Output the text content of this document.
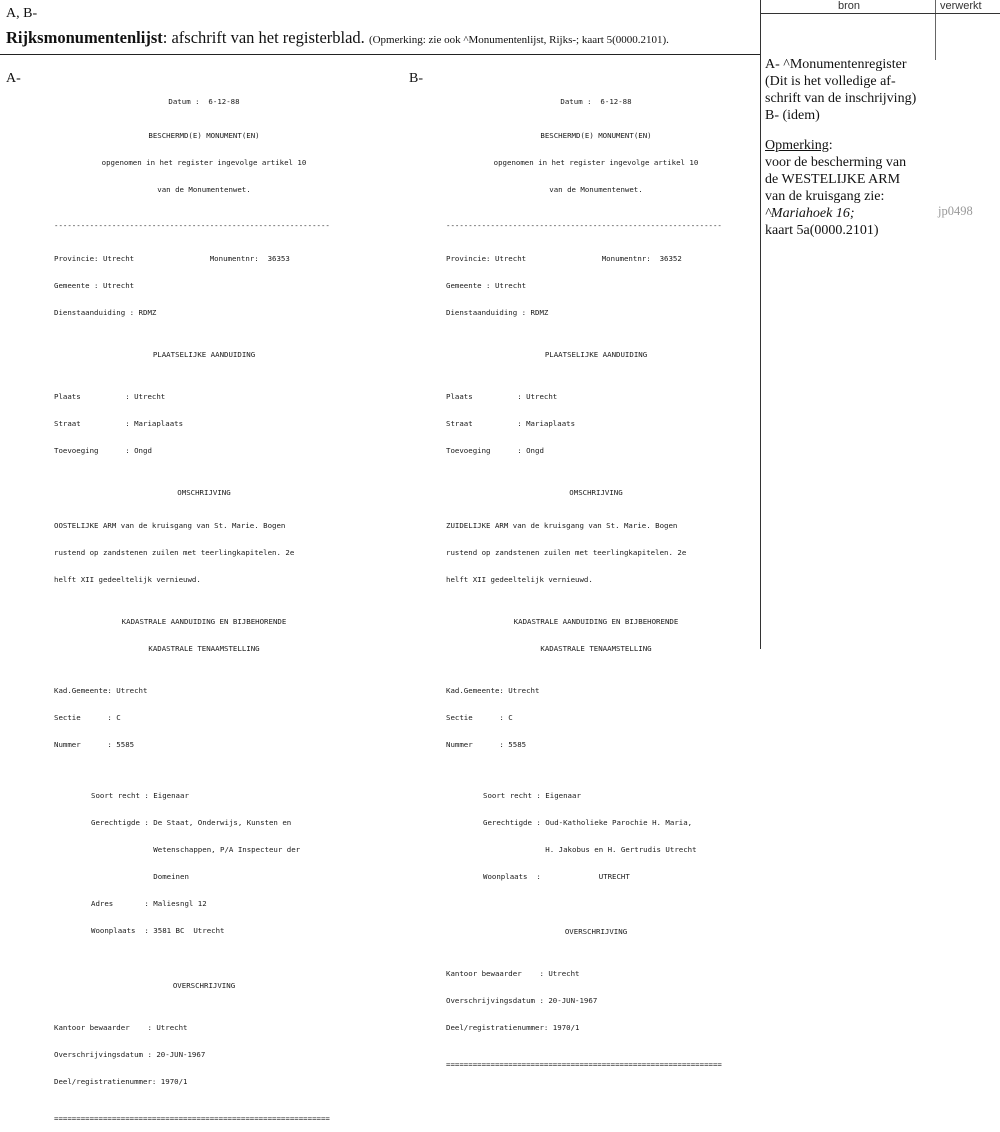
A, B-
Rijksmonumentenlijst: afschrift van het registerblad. (Opmerking: zie ook ^Monumentenlijst, Rijks-; kaart 5(0000.2101).
bron	verwerkt
A- ^Monumentenregister
(Dit is het volledige af-
schrift van de inschrijving)
B- (idem)
Opmerking:
voor de bescherming van
de WESTELIJKE ARM
van de kruisgang zie:
^Mariahoek 16;
kaart 5a(0000.2101)
jp0498
A-

Datum :  6-12-88

BESCHERMD(E) MONUMENT(EN)

opgenomen in het register ingevolge artikel 10

van de Monumentenwet.

--------------------------------------------------------------

Provincie: Utrecht                 Monumentnr:  36353

Gemeente : Utrecht

Dienstaanduiding : RDMZ

PLAATSELIJKE AANDUIDING

Plaats          : Utrecht

Straat          : Mariaplaats

Toevoeging      : Ongd

OMSCHRIJVING

OOSTELIJKE ARM van de kruisgang van St. Marie. Bogen

rustend op zandstenen zuilen met teerlingkapitelen. 2e

helft XII gedeeltelijk vernieuwd.

KADASTRALE AANDUIDING EN BIJBEHORENDE

KADASTRALE TENAAMSTELLING

Kad.Gemeente: Utrecht

Sectie      : C

Nummer      : 5585

Soort recht : Eigenaar

Gerechtigde : De Staat, Onderwijs, Kunsten en

Wetenschappen, P/A Inspecteur der

Domeinen

Adres       : Maliesngl 12

Woonplaats  : 3581 BC  Utrecht

OVERSCHRIJVING

Kantoor bewaarder    : Utrecht

Overschrijvingsdatum : 20-JUN-1967

Deel/registratienummer: 1970/1

==============================================================

B-

Datum :  6-12-88

BESCHERMD(E) MONUMENT(EN)

opgenomen in het register ingevolge artikel 10

van de Monumentenwet.

--------------------------------------------------------------

Provincie: Utrecht                 Monumentnr:  36352

Gemeente : Utrecht

Dienstaanduiding : RDMZ

PLAATSELIJKE AANDUIDING

Plaats          : Utrecht

Straat          : Mariaplaats

Toevoeging      : Ongd

OMSCHRIJVING

ZUIDELIJKE ARM van de kruisgang van St. Marie. Bogen

rustend op zandstenen zuilen met teerlingkapitelen. 2e

helft XII gedeeltelijk vernieuwd.

KADASTRALE AANDUIDING EN BIJBEHORENDE

KADASTRALE TENAAMSTELLING

Kad.Gemeente: Utrecht

Sectie      : C

Nummer      : 5585

Soort recht : Eigenaar

Gerechtigde : Oud-Katholieke Parochie H. Maria,

H. Jakobus en H. Gertrudis Utrecht

Woonplaats  :             UTRECHT

OVERSCHRIJVING

Kantoor bewaarder    : Utrecht

Overschrijvingsdatum : 20-JUN-1967

Deel/registratienummer: 1970/1

==============================================================
